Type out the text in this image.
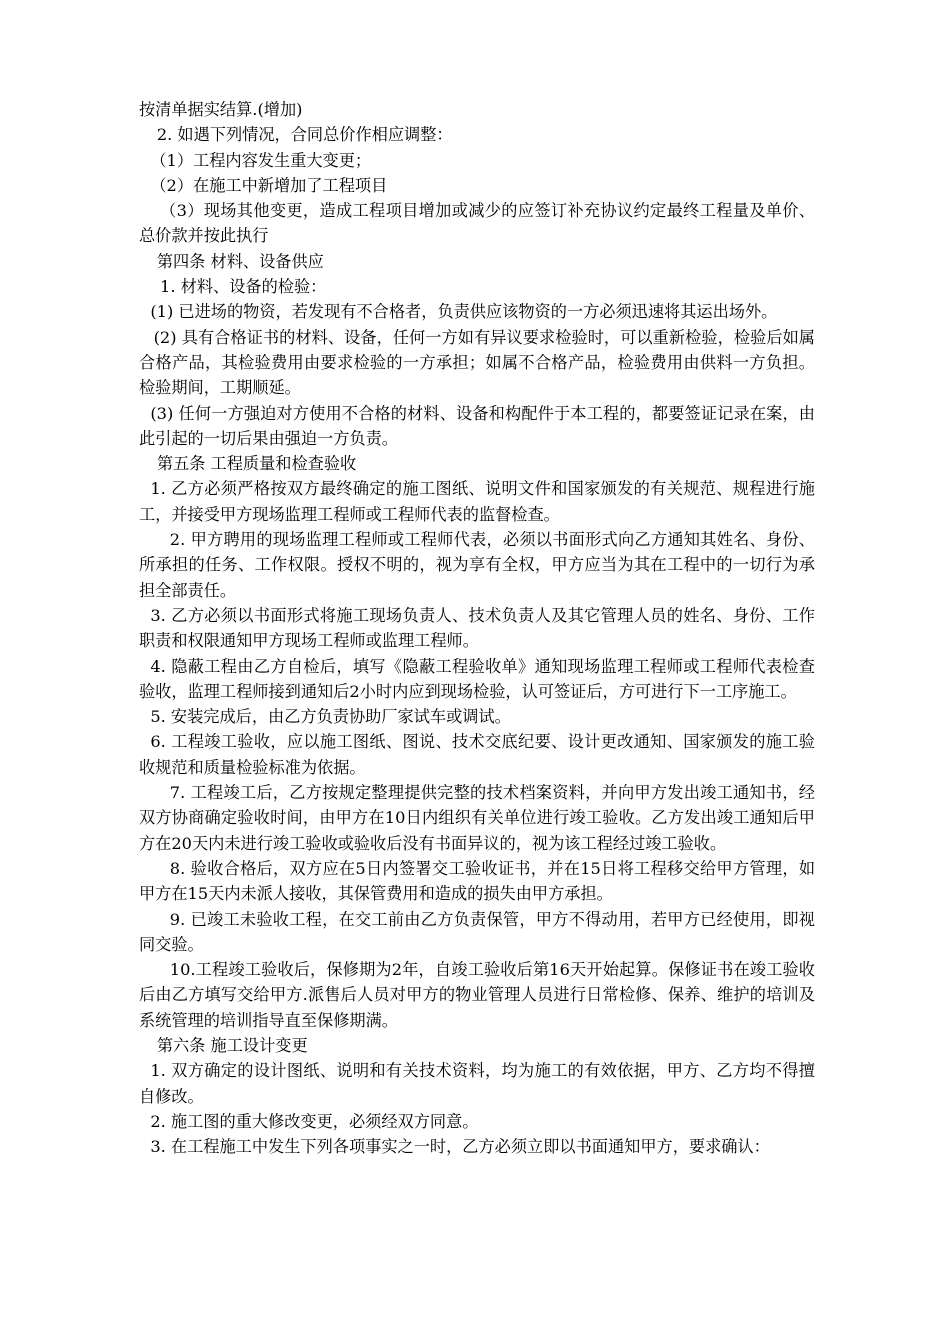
按清单据实结算.(增加)

2. 如遇下列情况，合同总价作相应调整：

（1）工程内容发生重大变更；

（2）在施工中新增加了工程项目

（3）现场其他变更，造成工程项目增加或减少的应签订补充协议约定最终工程量及单价、总价款并按此执行

第四条 材料、设备供应

1. 材料、设备的检验：

(1) 已进场的物资，若发现有不合格者，负责供应该物资的一方必须迅速将其运出场外。

(2) 具有合格证书的材料、设备，任何一方如有异议要求检验时，可以重新检验，检验后如属合格产品，其检验费用由要求检验的一方承担；如属不合格产品，检验费用由供料一方负担。检验期间，工期顺延。

(3) 任何一方强迫对方使用不合格的材料、设备和构配件于本工程的，都要签证记录在案，由此引起的一切后果由强迫一方负责。

第五条 工程质量和检查验收

1. 乙方必须严格按双方最终确定的施工图纸、说明文件和国家颁发的有关规范、规程进行施工，并接受甲方现场监理工程师或工程师代表的监督检查。

2. 甲方聘用的现场监理工程师或工程师代表，必须以书面形式向乙方通知其姓名、身份、所承担的任务、工作权限。授权不明的，视为享有全权，甲方应当为其在工程中的一切行为承担全部责任。

3. 乙方必须以书面形式将施工现场负责人、技术负责人及其它管理人员的姓名、身份、工作职责和权限通知甲方现场工程师或监理工程师。

4. 隐蔽工程由乙方自检后，填写《隐蔽工程验收单》通知现场监理工程师或工程师代表检查验收，监理工程师接到通知后2小时内应到现场检验，认可签证后，方可进行下一工序施工。

5. 安装完成后，由乙方负责协助厂家试车或调试。

6. 工程竣工验收，应以施工图纸、图说、技术交底纪要、设计更改通知、国家颁发的施工验收规范和质量检验标准为依据。

7. 工程竣工后，乙方按规定整理提供完整的技术档案资料，并向甲方发出竣工通知书，经双方协商确定验收时间，由甲方在10日内组织有关单位进行竣工验收。乙方发出竣工通知后甲方在20天内未进行竣工验收或验收后没有书面异议的，视为该工程经过竣工验收。

8. 验收合格后，双方应在5日内签署交工验收证书，并在15日将工程移交给甲方管理，如甲方在15天内未派人接收，其保管费用和造成的损失由甲方承担。

9. 已竣工未验收工程，在交工前由乙方负责保管，甲方不得动用，若甲方已经使用，即视同交验。

10.工程竣工验收后，保修期为2年，自竣工验收后第16天开始起算。保修证书在竣工验收后由乙方填写交给甲方.派售后人员对甲方的物业管理人员进行日常检修、保养、维护的培训及系统管理的培训指导直至保修期满。

第六条 施工设计变更

1. 双方确定的设计图纸、说明和有关技术资料，均为施工的有效依据，甲方、乙方均不得擅自修改。

2. 施工图的重大修改变更，必须经双方同意。

3. 在工程施工中发生下列各项事实之一时，乙方必须立即以书面通知甲方，要求确认：
